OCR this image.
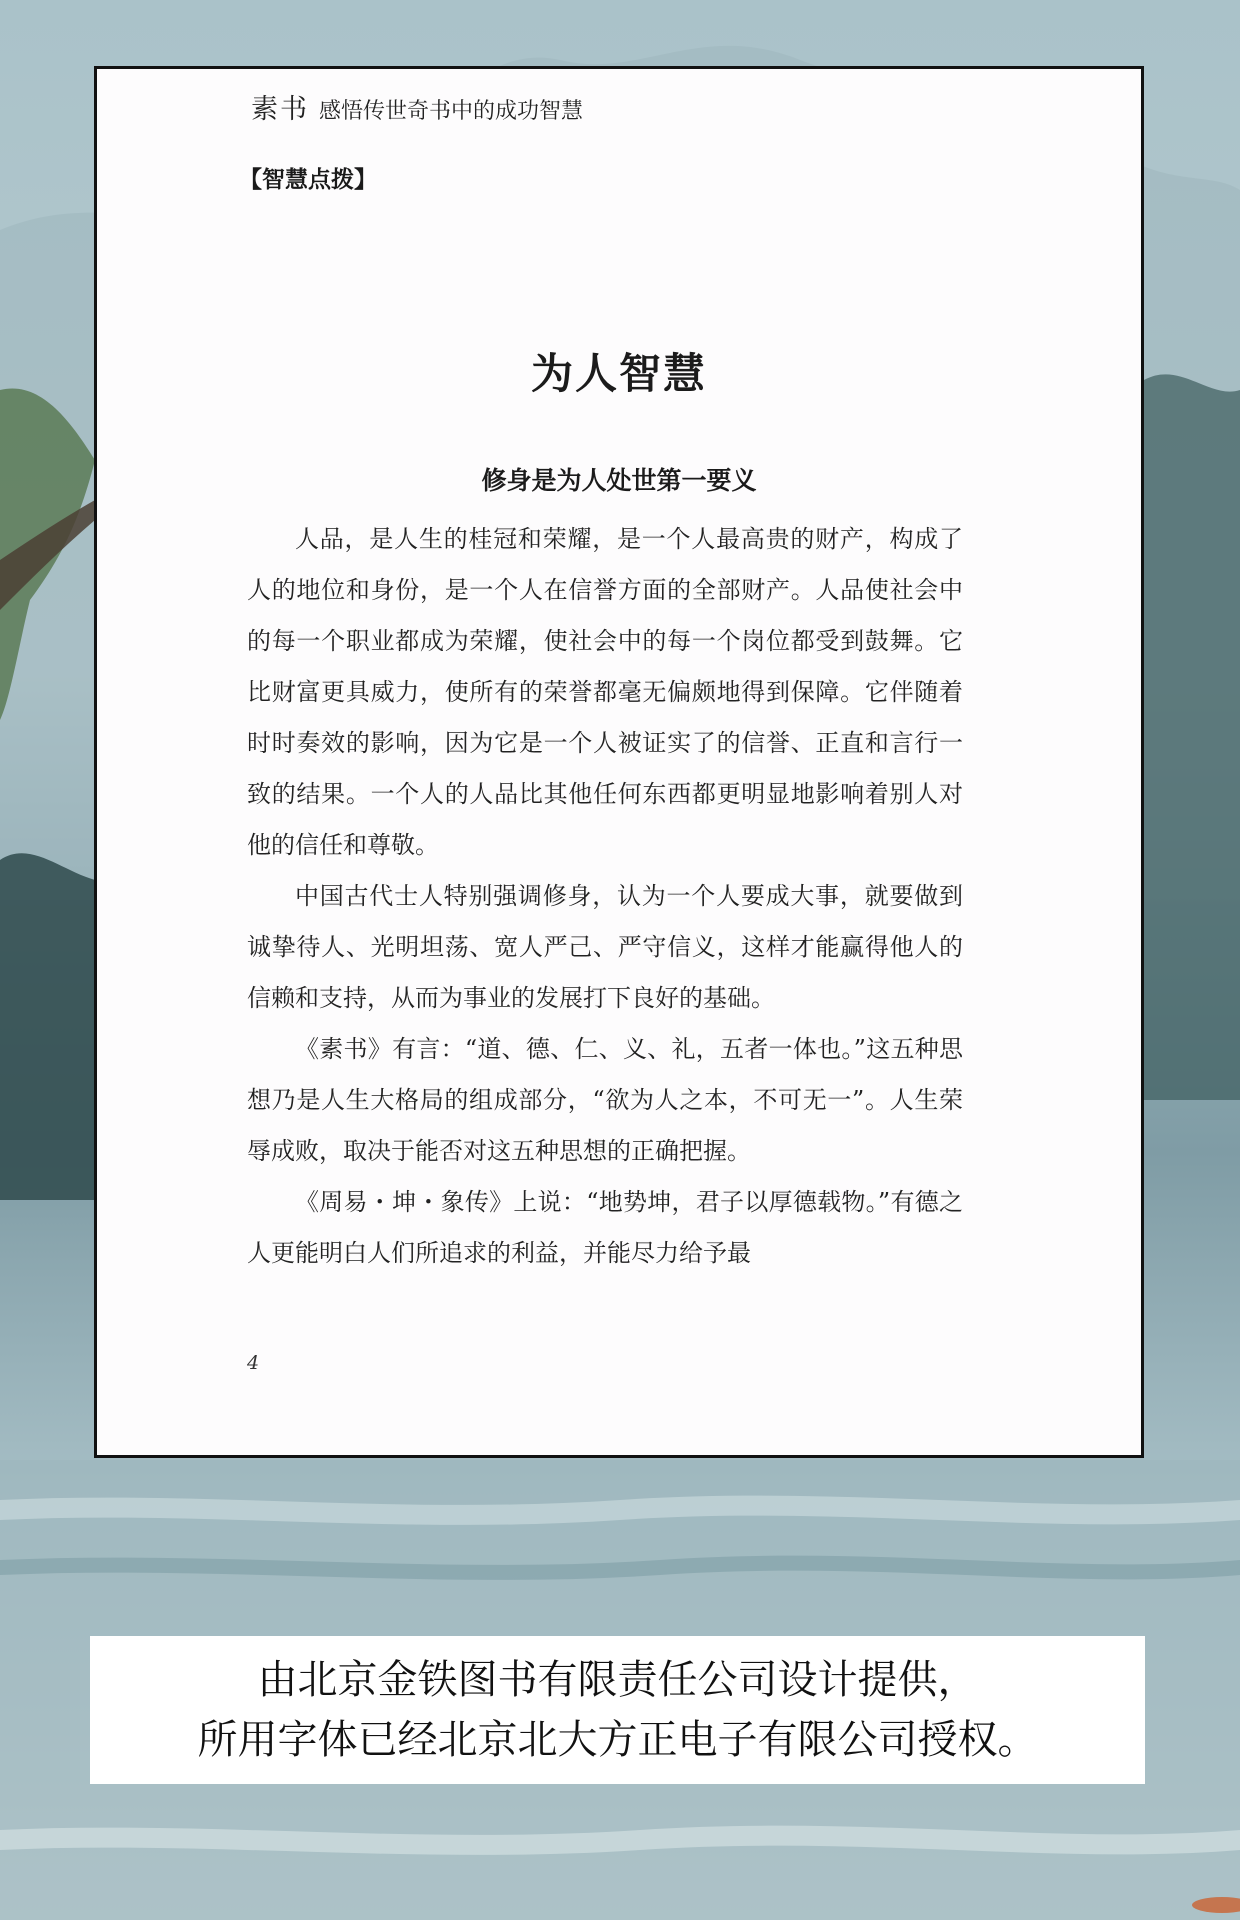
素书 感悟传世奇书中的成功智慧
【智慧点拨】
为人智慧
修身是为人处世第一要义

人品，是人生的桂冠和荣耀，是一个人最高贵的财产，构成了人的地位和身份，是一个人在信誉方面的全部财产。人品使社会中的每一个职业都成为荣耀，使社会中的每一个岗位都受到鼓舞。它比财富更具威力，使所有的荣誉都毫无偏颇地得到保障。它伴随着时时奏效的影响，因为它是一个人被证实了的信誉、正直和言行一致的结果。一个人的人品比其他任何东西都更明显地影响着别人对他的信任和尊敬。

中国古代士人特别强调修身，认为一个人要成大事，就要做到诚挚待人、光明坦荡、宽人严己、严守信义，这样才能赢得他人的信赖和支持，从而为事业的发展打下良好的基础。

《素书》有言：“道、德、仁、义、礼，五者一体也。”这五种思想乃是人生大格局的组成部分，“欲为人之本，不可无一”。人生荣辱成败，取决于能否对这五种思想的正确把握。

《周易・坤・象传》上说：“地势坤，君子以厚德载物。”有德之人更能明白人们所追求的利益，并能尽力给予最

4
由北京金铁图书有限责任公司设计提供，
所用字体已经北京北大方正电子有限公司授权。
